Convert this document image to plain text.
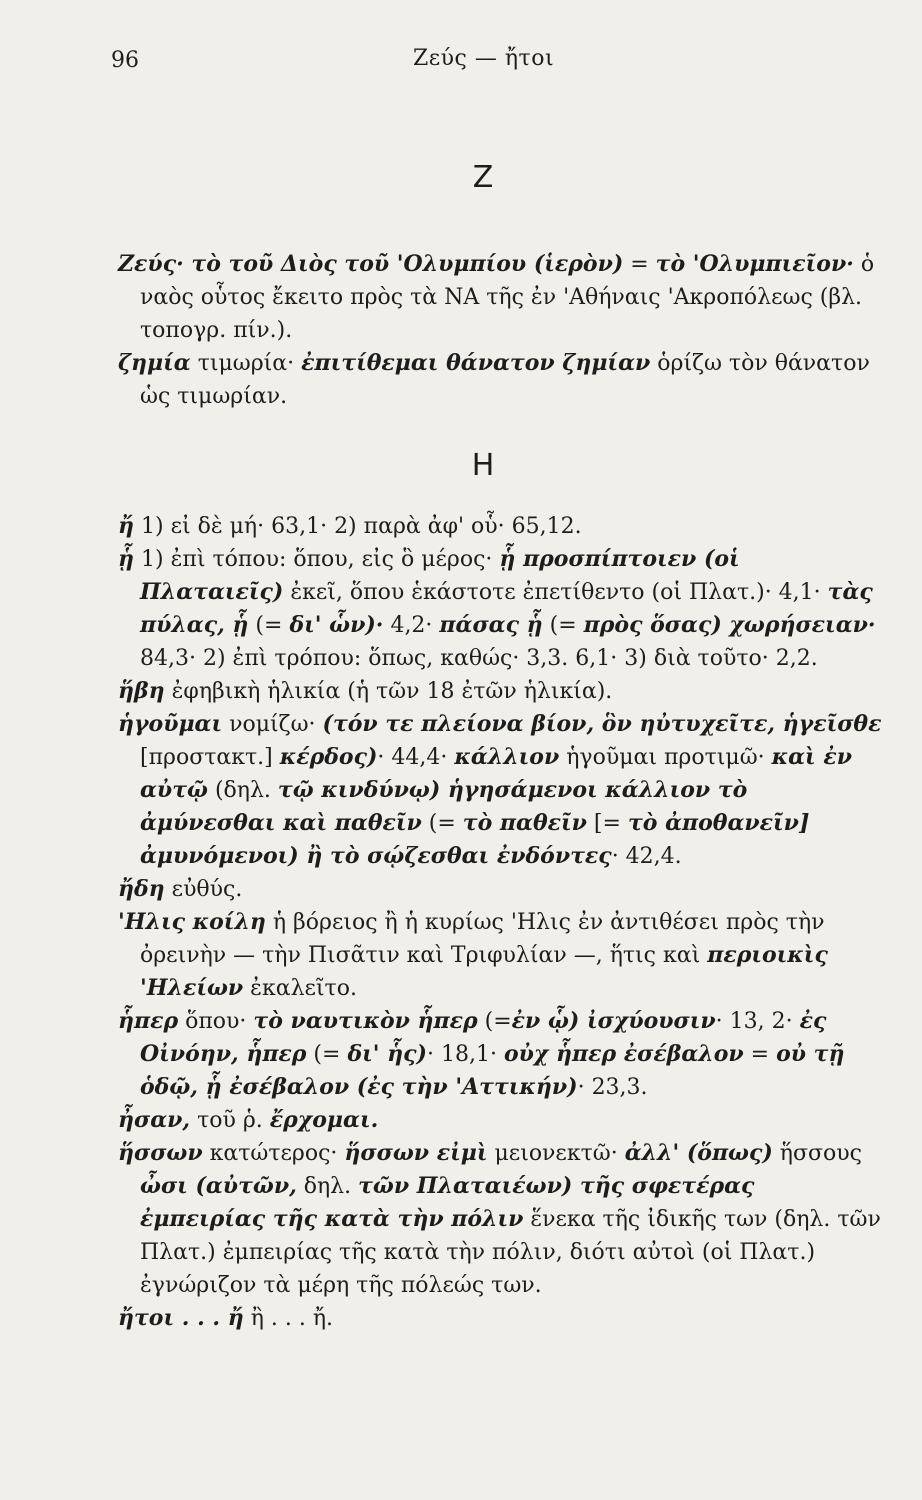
96	Ζεύς — ἤτοι
Ζ

Ζεύς· τὸ τοῦ Διὸς τοῦ 'Ολυμπίου (ἱερὸν) = τὸ 'Ολυμπιεῖον· ὁ ναὸς οὗτος ἔκειτο πρὸς τὰ ΝΑ τῆς ἐν 'Αθήναις 'Ακροπόλεως (βλ. τοπογρ. πίν.).

ζημία τιμωρία· ἐπιτίθεμαι θάνατον ζημίαν ὁρίζω τὸν θάνατον ὡς τιμωρίαν.

Η

ἤ 1) εἰ δὲ μή· 63,1· 2) παρὰ ἀφ' οὗ· 65,12.

ᾗ 1) ἐπὶ τόπου: ὅπου, εἰς ὃ μέρος· ᾗ προσπίπτοιεν (οἱ Πλαταιεῖς) ἐκεῖ, ὅπου ἑκάστοτε ἐπετίθεντο (οἱ Πλατ.)· 4,1· τὰς πύλας, ᾗ (= δι' ὧν)· 4,2· πάσας ᾗ (= πρὸς ὅσας) χωρήσειαν· 84,3· 2) ἐπὶ τρόπου: ὅπως, καθώς· 3,3. 6,1· 3) διὰ τοῦτο· 2,2.

ἥβη ἐφηβικὴ ἡλικία (ἡ τῶν 18 ἐτῶν ἡλικία).

ἡγοῦμαι νομίζω· (τόν τε πλείονα βίον, ὃν ηὐτυχεῖτε, ἡγεῖσθε [προστακτ.] κέρδος)· 44,4· κάλλιον ἡγοῦμαι προτιμῶ· καὶ ἐν αὐτῷ (δηλ. τῷ κινδύνῳ) ἡγησάμενοι κάλλιον τὸ ἀμύνεσθαι καὶ παθεῖν (= τὸ παθεῖν [= τὸ ἀποθανεῖν] ἀμυνόμενοι) ἢ τὸ σῴζεσθαι ἐνδόντες· 42,4.

ἤδη εὐθύς.

'Ηλις κοίλη ἡ βόρειος ἢ ἡ κυρίως 'Ηλις ἐν ἀντιθέσει πρὸς τὴν ὀρεινὴν — τὴν Πισᾶτιν καὶ Τριφυλίαν —, ἥτις καὶ περιοικὶς 'Ηλείων ἐκαλεῖτο.

ἧπερ ὅπου· τὸ ναυτικὸν ἧπερ (=ἐν ᾧ) ἰσχύουσιν· 13, 2· ἐς Οἰνόην, ἧπερ (= δι' ἧς)· 18,1· οὐχ ἧπερ ἐσέβαλον = οὐ τῇ ὁδῷ, ᾗ ἐσέβαλον (ἐς τὴν 'Αττικήν)· 23,3.

ἦσαν, τοῦ ῥ. ἔρχομαι.

ἥσσων κατώτερος· ἥσσων εἰμὶ μειονεκτῶ· ἀλλ' (ὅπως) ἥσσους ὦσι (αὐτῶν, δηλ. τῶν Πλαταιέων) τῆς σφετέρας ἐμπειρίας τῆς κατὰ τὴν πόλιν ἕνεκα τῆς ἰδικῆς των (δηλ. τῶν Πλατ.) ἐμπειρίας τῆς κατὰ τὴν πόλιν, διότι αὐτοὶ (οἱ Πλατ.) ἐγνώριζον τὰ μέρη τῆς πόλεώς των.

ἤτοι . . . ἤ ἢ . . . ἤ.
